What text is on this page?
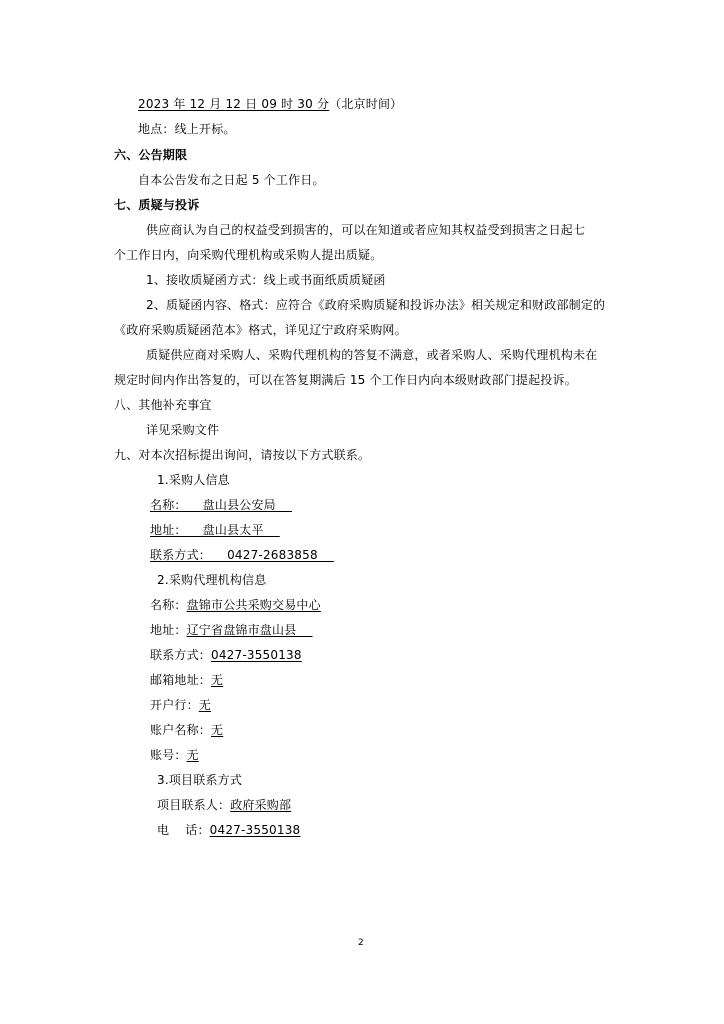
2023 年 12 月 12 日 09 时 30 分（北京时间）
地点：线上开标。
六、公告期限
自本公告发布之日起 5 个工作日。
七、质疑与投诉
供应商认为自己的权益受到损害的，可以在知道或者应知其权益受到损害之日起七
个工作日内，向采购代理机构或采购人提出质疑。
1、接收质疑函方式：线上或书面纸质质疑函
2、质疑函内容、格式：应符合《政府采购质疑和投诉办法》相关规定和财政部制定的
《政府采购质疑函范本》格式，详见辽宁政府采购网。
质疑供应商对采购人、采购代理机构的答复不满意，或者采购人、采购代理机构未在
规定时间内作出答复的，可以在答复期满后 15 个工作日内向本级财政部门提起投诉。
八、其他补充事宜
详见采购文件
九、对本次招标提出询问，请按以下方式联系。
1.采购人信息
名称：    盘山县公安局
地址：    盘山县太平
联系方式：    0427-2683858
2.采购代理机构信息
名称：盘锦市公共采购交易中心
地址：辽宁省盘锦市盘山县
联系方式：0427-3550138
邮箱地址：无
开户行：无
账户名称：无
账号：无
3.项目联系方式
项目联系人：政府采购部
电    话：0427-3550138
2
